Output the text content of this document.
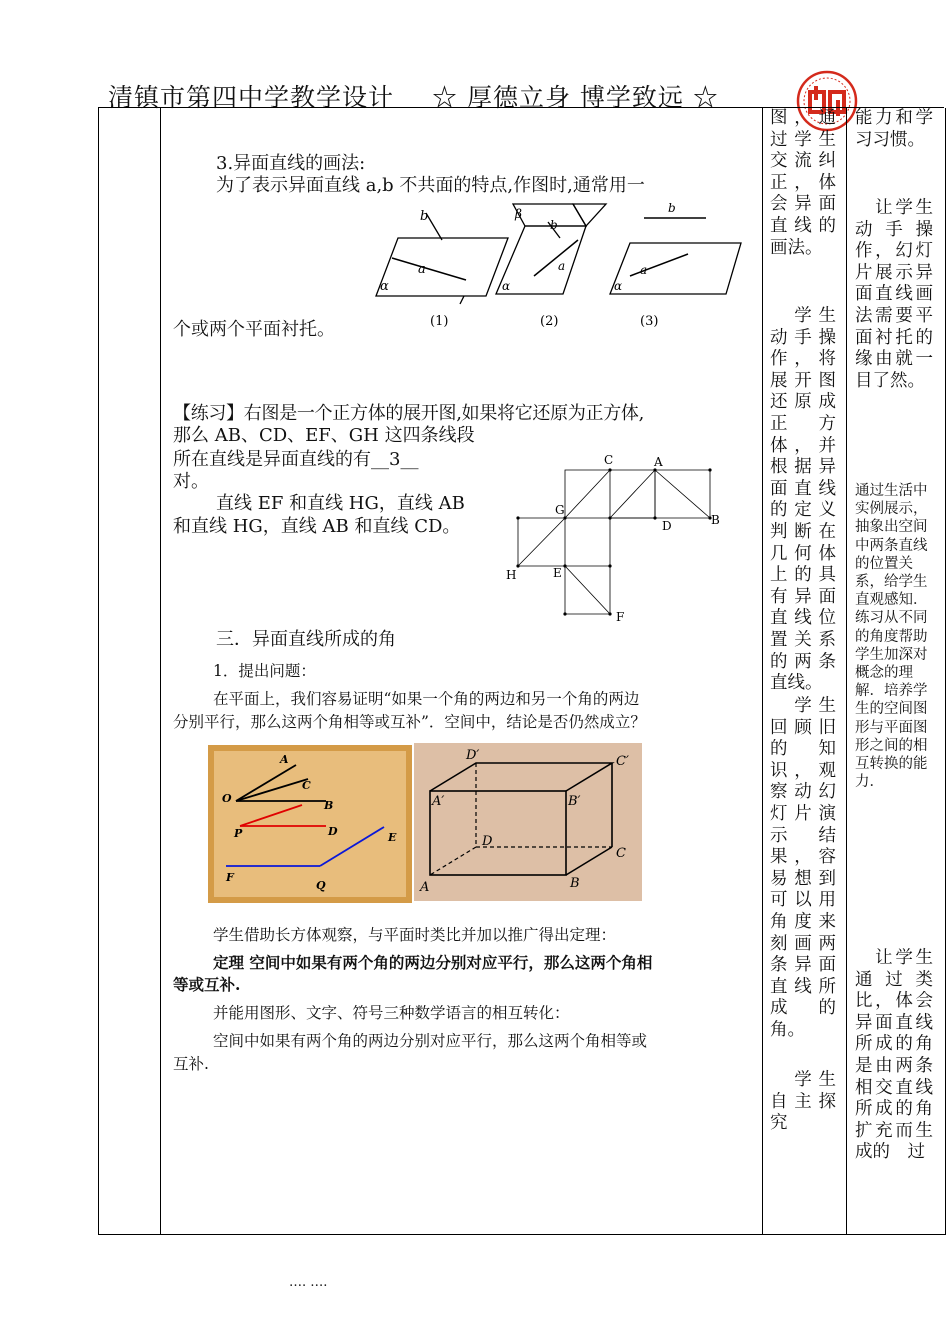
清镇市第四中学教学设计 ☆ 厚德立身 博学致远 ☆
3.异面直线的画法:
为了表示异面直线 a,b 不共面的特点,作图时,通常用一
b
a
α
(1)
β
b
a
α
(2)
b
a
α
(3)
个或两个平面衬托。
【练习】右图是一个正方体的展开图,如果将它还原为正方体,
那么 AB、CD、EF、GH 这四条线段
所在直线是异面直线的有__3__
对。
直线 EF 和直线 HG，直线 AB
和直线 HG，直线 AB 和直线 CD。
C	A
G
D	B
H	E
F
三．异面直线所成的角
1．提出问题：
在平面上，我们容易证明“如果一个角的两边和另一个角的两边
分别平行，那么这两个角相等或互补”．空间中，结论是否仍然成立？
A
C
O
B
P	D	E
F
Q
D′	C′
A′	B′
D
C
A	B
学生借助长方体观察，与平面时类比并加以推广得出定理：
定理 空间中如果有两个角的两边分别对应平行，那么这两个角相
等或互补.
并能用图形、文字、符号三种数学语言的相互转化：
空间中如果有两个角的两边分别对应平行，那么这两个角相等或
互补.
图，通过学生交流纠正，体会异面直线的画法。
　学生动手操作，将展开图还原成正方体，并根据异面直线的定义判断在几何体上的具有异面直线位置关系的两条直线。
　学生回顾旧的知识，观察动幻灯片演示结果，容易想到可以用角度来刻画两条异面直线所成　的角。
　学生自主探究
能力和学习习惯。
　让学生动手操作，幻灯片展示异面直线画法需要平面衬托的缘由就一目了然。
通过生活中实例展示，抽象出空间中两条直线的位置关系，给学生直观感知．练习从不同的角度帮助学生加深对概念的理解．培养学生的空间图形与平面图形之间的相互转换的能力．
　让学生通过类比，体会异面直线所成的角是由两条相交直线所成的角扩充而生成的　过
…. ….
